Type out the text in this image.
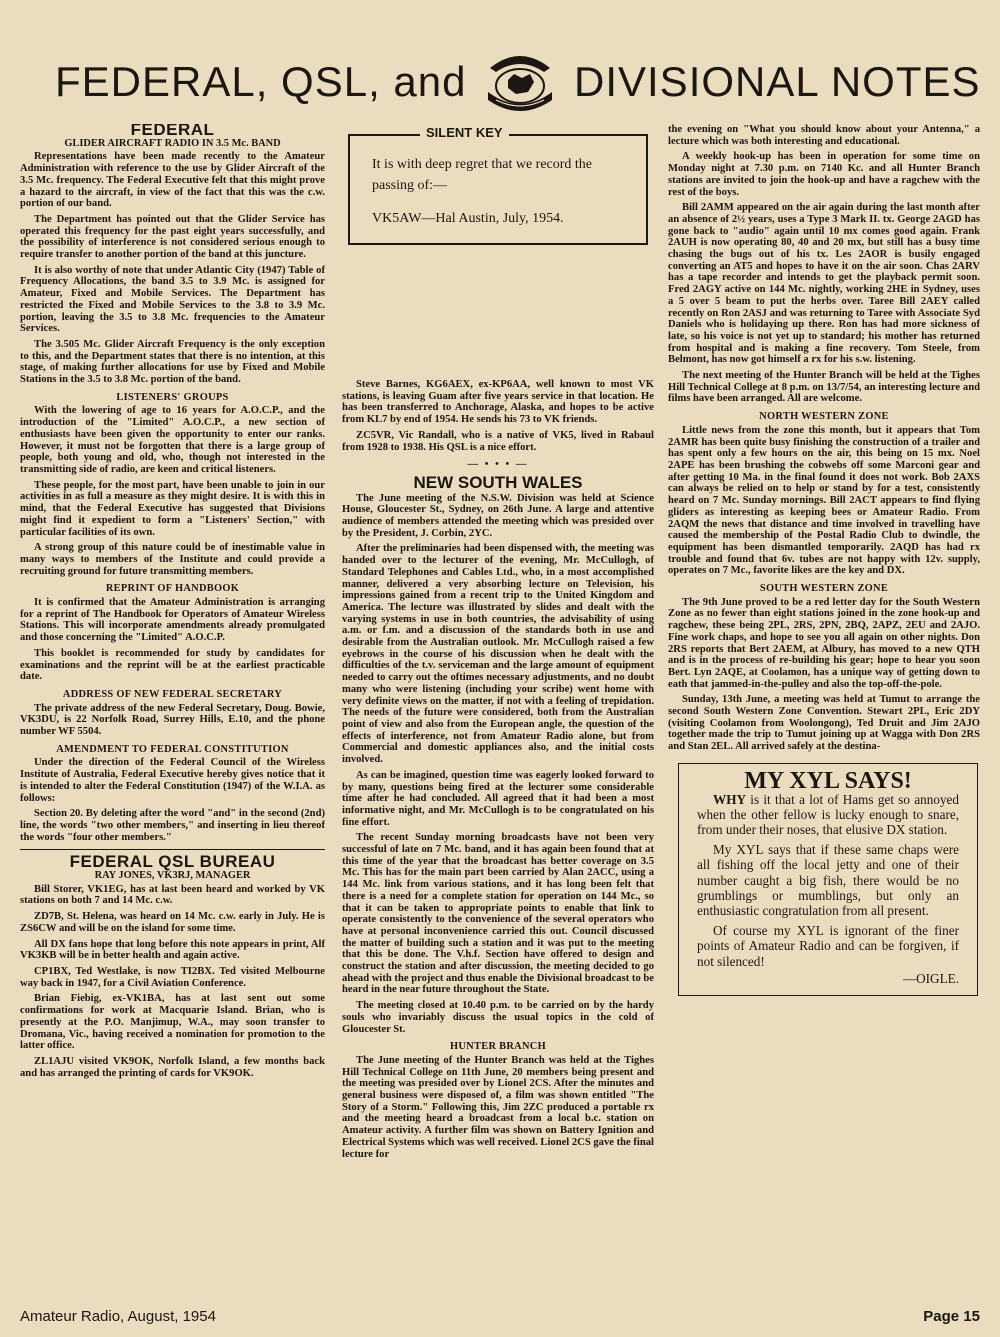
FEDERAL, QSL, and	DIVISIONAL NOTES
FEDERAL
GLIDER AIRCRAFT RADIO IN 3.5 Mc. BAND

Representations have been made recently to the Amateur Administration with reference to the use by Glider Aircraft of the 3.5 Mc. frequency. The Federal Executive felt that this might prove a hazard to the aircraft, in view of the fact that this was the c.w. portion of our band.

The Department has pointed out that the Glider Service has operated this frequency for the past eight years successfully, and the possibility of interference is not considered serious enough to require transfer to another portion of the band at this juncture.

It is also worthy of note that under Atlantic City (1947) Table of Frequency Allocations, the band 3.5 to 3.9 Mc. is assigned for Amateur, Fixed and Mobile Services. The Department has restricted the Fixed and Mobile Services to the 3.8 to 3.9 Mc. portion, leaving the 3.5 to 3.8 Mc. frequencies to the Amateur Services.

The 3.505 Mc. Glider Aircraft Frequency is the only exception to this, and the Department states that there is no intention, at this stage, of making further allocations for use by Fixed and Mobile Stations in the 3.5 to 3.8 Mc. portion of the band.

LISTENERS' GROUPS

With the lowering of age to 16 years for A.O.C.P., and the introduction of the "Limited" A.O.C.P., a new section of enthusiasts have been given the opportunity to enter our ranks. However, it must not be forgotten that there is a large group of people, both young and old, who, though not interested in the transmitting side of radio, are keen and critical listeners.

These people, for the most part, have been unable to join in our activities in as full a measure as they might desire. It is with this in mind, that the Federal Executive has suggested that Divisions might find it expedient to form a "Listeners' Section," with particular facilities of its own.

A strong group of this nature could be of inestimable value in many ways to members of the Institute and could provide a recruiting ground for future transmitting members.

REPRINT OF HANDBOOK

It is confirmed that the Amateur Administration is arranging for a reprint of The Handbook for Operators of Amateur Wireless Stations. This will incorporate amendments already promulgated and those concerning the "Limited" A.O.C.P.

This booklet is recommended for study by candidates for examinations and the reprint will be at the earliest practicable date.

ADDRESS OF NEW FEDERAL SECRETARY

The private address of the new Federal Secretary, Doug. Bowie, VK3DU, is 22 Norfolk Road, Surrey Hills, E.10, and the phone number WF 5504.

AMENDMENT TO FEDERAL CONSTITUTION

Under the direction of the Federal Council of the Wireless Institute of Australia, Federal Executive hereby gives notice that it is intended to alter the Federal Constitution (1947) of the W.I.A. as follows:

Section 20. By deleting after the word "and" in the second (2nd) line, the words "two other members," and inserting in lieu thereof the words "four other members."

FEDERAL QSL BUREAU
RAY JONES, VK3RJ, MANAGER

Bill Storer, VK1EG, has at last been heard and worked by VK stations on both 7 and 14 Mc. c.w.

ZD7B, St. Helena, was heard on 14 Mc. c.w. early in July. He is ZS6CW and will be on the island for some time.

All DX fans hope that long before this note appears in print, Alf VK3KB will be in better health and again active.

CP1BX, Ted Westlake, is now TI2BX. Ted visited Melbourne way back in 1947, for a Civil Aviation Conference.

Brian Fiebig, ex-VK1BA, has at last sent out some confirmations for work at Macquarie Island. Brian, who is presently at the P.O. Manjimup, W.A., may soon transfer to Dromana, Vic., having received a nomination for promotion to the latter office.

ZL1AJU visited VK9OK, Norfolk Island, a few months back and has arranged the printing of cards for VK9OK.

SILENT KEY
It is with deep regret that we record the passing of:—
VK5AW—Hal Austin, July, 1954.

Steve Barnes, KG6AEX, ex-KP6AA, well known to most VK stations, is leaving Guam after five years service in that location. He has been transferred to Anchorage, Alaska, and hopes to be active from KL7 by end of 1954. He sends his 73 to VK friends.

ZC5VR, Vic Randall, who is a native of VK5, lived in Rabaul from 1928 to 1938. His QSL is a nice effort.

— • • • —
NEW SOUTH WALES

The June meeting of the N.S.W. Division was held at Science House, Gloucester St., Sydney, on 26th June. A large and attentive audience of members attended the meeting which was presided over by the President, J. Corbin, 2YC.

After the preliminaries had been dispensed with, the meeting was handed over to the lecturer of the evening, Mr. McCullogh, of Standard Telephones and Cables Ltd., who, in a most accomplished manner, delivered a very absorbing lecture on Television, his impressions gained from a recent trip to the United Kingdom and America. The lecture was illustrated by slides and dealt with the varying systems in use in both countries, the advisability of using a.m. or f.m. and a discussion of the standards both in use and desirable from the Australian outlook. Mr. McCullogh raised a few eyebrows in the course of his discussion when he dealt with the difficulties of the t.v. serviceman and the large amount of equipment needed to carry out the oftimes necessary adjustments, and no doubt many who were listening (including your scribe) went home with very definite views on the matter, if not with a feeling of trepidation. The needs of the future were considered, both from the Australian point of view and also from the European angle, the question of the effects of interference, not from Amateur Radio alone, but from Commercial and domestic appliances also, and the initial costs involved.

As can be imagined, question time was eagerly looked forward to by many, questions being fired at the lecturer some considerable time after he had concluded. All agreed that it had been a most informative night, and Mr. McCullogh is to be congratulated on his fine effort.

The recent Sunday morning broadcasts have not been very successful of late on 7 Mc. band, and it has again been found that at this time of the year that the broadcast has better coverage on 3.5 Mc. This has for the main part been carried by Alan 2ACC, using a 144 Mc. link from various stations, and it has long been felt that there is a need for a complete station for operation on 144 Mc., so that it can be taken to appropriate points to enable that link to operate consistently to the convenience of the several operators who have at personal inconvenience carried this out. Council discussed the matter of building such a station and it was put to the meeting that this be done. The V.h.f. Section have offered to design and construct the station and after discussion, the meeting decided to go ahead with the project and thus enable the Divisional broadcast to be heard in the near future throughout the State.

The meeting closed at 10.40 p.m. to be carried on by the hardy souls who invariably discuss the usual topics in the cold of Gloucester St.

HUNTER BRANCH

The June meeting of the Hunter Branch was held at the Tighes Hill Technical College on 11th June, 20 members being present and the meeting was presided over by Lionel 2CS. After the minutes and general business were disposed of, a film was shown entitled "The Story of a Storm." Following this, Jim 2ZC produced a portable rx and the meeting heard a broadcast from a local b.c. station on Amateur activity. A further film was shown on Battery Ignition and Electrical Systems which was well received. Lionel 2CS gave the final lecture for

the evening on "What you should know about your Antenna," a lecture which was both interesting and educational.

A weekly hook-up has been in operation for some time on Monday night at 7.30 p.m. on 7140 Kc. and all Hunter Branch stations are invited to join the hook-up and have a ragchew with the rest of the boys.

Bill 2AMM appeared on the air again during the last month after an absence of 2½ years, uses a Type 3 Mark II. tx. George 2AGD has gone back to "audio" again until 10 mx comes good again. Frank 2AUH is now operating 80, 40 and 20 mx, but still has a busy time chasing the bugs out of his tx. Les 2AOR is busily engaged converting an AT5 and hopes to have it on the air soon. Chas 2ARV has a tape recorder and intends to get the playback permit soon. Fred 2AGY active on 144 Mc. nightly, working 2HE in Sydney, uses a 5 over 5 beam to put the herbs over. Taree Bill 2AEY called recently on Ron 2ASJ and was returning to Taree with Associate Syd Daniels who is holidaying up there. Ron has had more sickness of late, so his voice is not yet up to standard; his mother has returned from hospital and is making a fine recovery. Tom Steele, from Belmont, has now got himself a rx for his s.w. listening.

The next meeting of the Hunter Branch will be held at the Tighes Hill Technical College at 8 p.m. on 13/7/54, an interesting lecture and films have been arranged. All are welcome.

NORTH WESTERN ZONE

Little news from the zone this month, but it appears that Tom 2AMR has been quite busy finishing the construction of a trailer and has spent only a few hours on the air, this being on 15 mx. Noel 2APE has been brushing the cobwebs off some Marconi gear and after getting 10 Ma. in the final found it does not work. Bob 2AXS can always be relied on to help or stand by for a test, consistently heard on 7 Mc. Sunday mornings. Bill 2ACT appears to find flying gliders as interesting as keeping bees or Amateur Radio. From 2AQM the news that distance and time involved in travelling have caused the membership of the Postal Radio Club to dwindle, the equipment has been dismantled temporarily. 2AQD has had rx trouble and found that 6v. tubes are not happy with 12v. supply, operates on 7 Mc., favorite likes are the key and DX.

SOUTH WESTERN ZONE

The 9th June proved to be a red letter day for the South Western Zone as no fewer than eight stations joined in the zone hook-up and ragchew, these being 2PL, 2RS, 2PN, 2BQ, 2APZ, 2EU and 2AJO. Fine work chaps, and hope to see you all again on other nights. Don 2RS reports that Bert 2AEM, at Albury, has moved to a new QTH and is in the process of re-building his gear; hope to hear you soon Bert. Lyn 2AQE, at Coolamon, has a unique way of getting down to eath that jammed-in-the-pulley and also the top-off-the-pole.

Sunday, 13th June, a meeting was held at Tumut to arrange the second South Western Zone Convention. Stewart 2PL, Eric 2DY (visiting Coolamon from Woolongong), Ted Druit and Jim 2AJO together made the trip to Tumut joining up at Wagga with Don 2RS and Stan 2EL. All arrived safely at the destina-

MY XYL SAYS!

WHY is it that a lot of Hams get so annoyed when the other fellow is lucky enough to snare, from under their noses, that elusive DX station.

My XYL says that if these same chaps were all fishing off the local jetty and one of their number caught a big fish, there would be no grumblings or mumblings, but only an enthusiastic congratulation from all present.

Of course my XYL is ignorant of the finer points of Amateur Radio and can be forgiven, if not silenced!

—OIGLE.
Amateur Radio, August, 1954	Page 15
